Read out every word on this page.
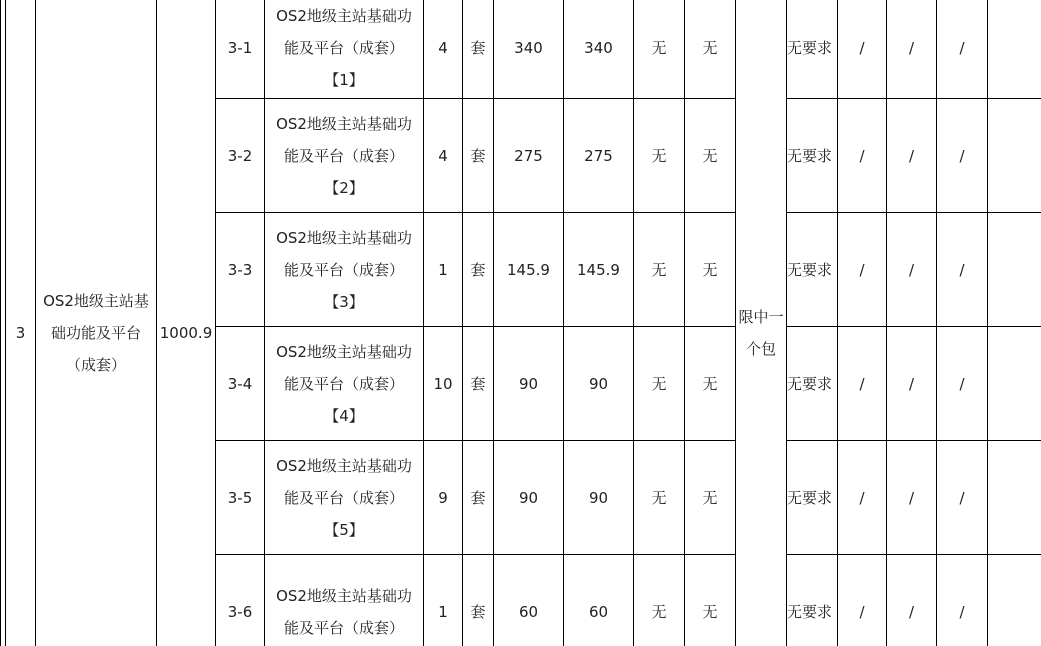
	3	OS2地级主站基
础功能及平台
（成套）	1000.9	3-1	OS2地级主站基础功
能及平台（成套）
【1】	4	套	340	340	无	无	限中一
个包	无要求	/	/	/	
				3-2	OS2地级主站基础功
能及平台（成套）
【2】	4	套	275	275	无	无		无要求	/	/	/	
				3-3	OS2地级主站基础功
能及平台（成套）
【3】	1	套	145.9	145.9	无	无		无要求	/	/	/	
				3-4	OS2地级主站基础功
能及平台（成套）
【4】	10	套	90	90	无	无		无要求	/	/	/	
				3-5	OS2地级主站基础功
能及平台（成套）
【5】	9	套	90	90	无	无		无要求	/	/	/	
				3-6	OS2地级主站基础功
能及平台（成套）	1	套	60	60	无	无		无要求	/	/	/	
